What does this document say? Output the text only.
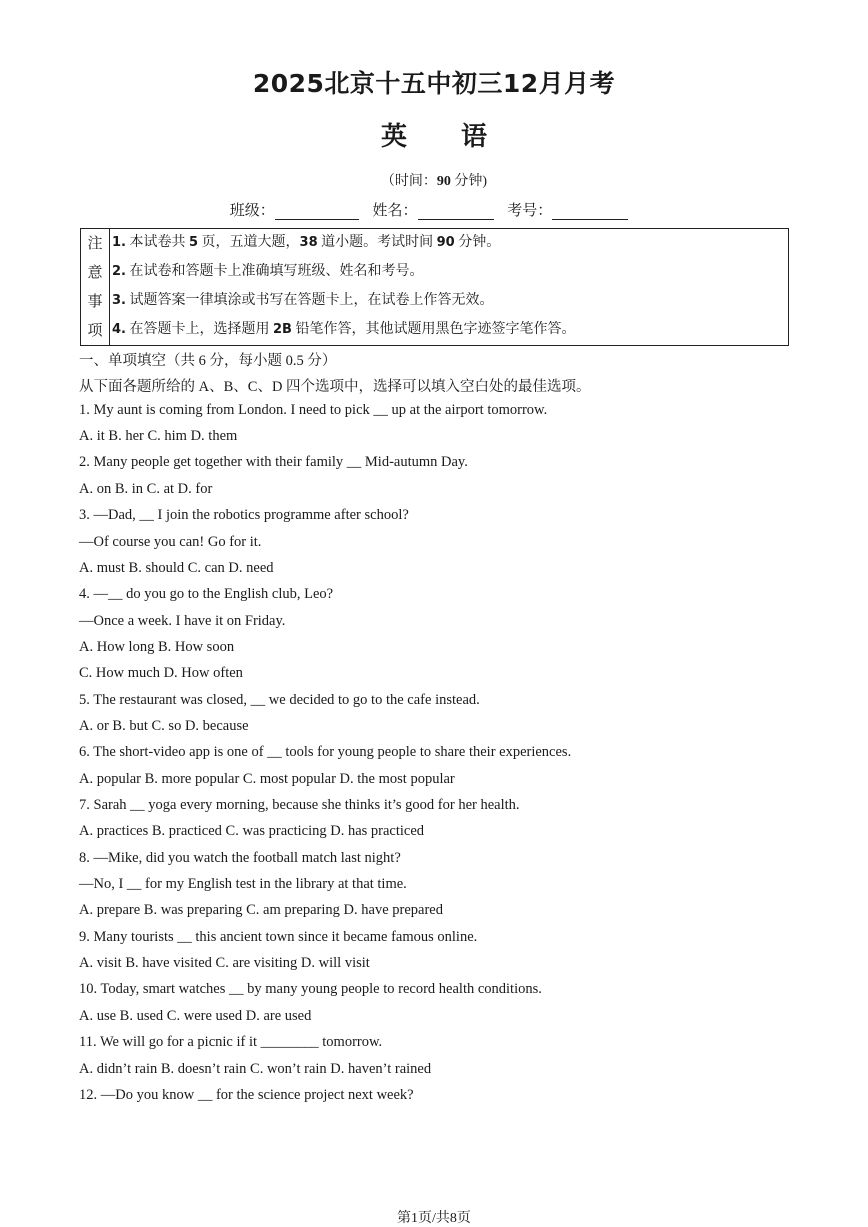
2025北京十五中初三12月月考
英语
（时间：90 分钟)
班级：	姓名：	考号：
注
意
事
项
1. 本试卷共 5 页，五道大题，38 道小题。考试时间 90 分钟。
2. 在试卷和答题卡上准确填写班级、姓名和考号。
3. 试题答案一律填涂或书写在答题卡上，在试卷上作答无效。
4. 在答题卡上，选择题用 2B 铅笔作答，其他试题用黑色字迹签字笔作答。
一、单项填空（共 6 分，每小题 0.5 分）
从下面各题所给的 A、B、C、D 四个选项中，选择可以填入空白处的最佳选项。
1. My aunt is coming from London. I need to pick __ up at the airport tomorrow.
A. it B. her C. him D. them
2. Many people get together with their family __ Mid-autumn Day.
A. on B. in C. at D. for
3. —Dad, __ I join the robotics programme after school?
—Of course you can! Go for it.
A. must B. should C. can D. need
4. —__ do you go to the English club, Leo?
—Once a week. I have it on Friday.
A. How long B. How soon
C. How much D. How often
5. The restaurant was closed, __ we decided to go to the cafe instead.
A. or B. but C. so D. because
6. The short-video app is one of __ tools for young people to share their experiences.
A. popular B. more popular C. most popular D. the most popular
7. Sarah __ yoga every morning, because she thinks it’s good for her health.
A. practices B. practiced C. was practicing D. has practiced
8. —Mike, did you watch the football match last night?
—No, I __ for my English test in the library at that time.
A. prepare B. was preparing C. am preparing D. have prepared
9. Many tourists __ this ancient town since it became famous online.
A. visit B. have visited C. are visiting D. will visit
10. Today, smart watches __ by many young people to record health conditions.
A. use B. used C. were used D. are used
11. We will go for a picnic if it ________ tomorrow.
A. didn’t rain B. doesn’t rain C. won’t rain D. haven’t rained
12. —Do you know __ for the science project next week?
第1页/共8页
